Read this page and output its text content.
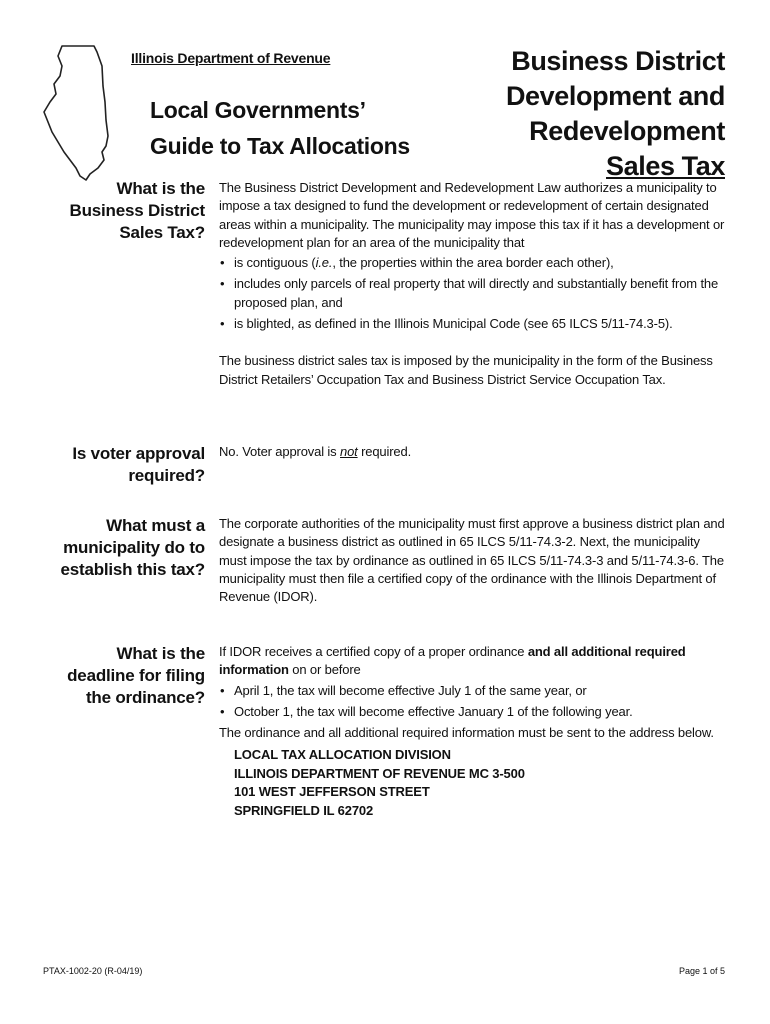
Illinois Department of Revenue
Local Governments’
Guide to Tax Allocations
Business District
Development and
Redevelopment
Sales Tax
What is the
Business District
Sales Tax?

The Business District Development and Redevelopment Law authorizes a municipality to impose a tax designed to fund the development or redevelopment of certain designated areas within a municipality. The municipality may impose this tax if it has a development or redevelopment plan for an area of the municipality that

• is contiguous (i.e., the properties within the area border each other),
• includes only parcels of real property that will directly and substantially benefit from the proposed plan, and
• is blighted, as defined in the Illinois Municipal Code (see 65 ILCS 5/11-74.3-5).

The business district sales tax is imposed by the municipality in the form of the Business District Retailers’ Occupation Tax and Business District Service Occupation Tax.

Is voter approval
required?

No. Voter approval is not required.

What must a
municipality do to
establish this tax?

The corporate authorities of the municipality must first approve a business district plan and designate a business district as outlined in 65 ILCS 5/11-74.3-2. Next, the municipality must impose the tax by ordinance as outlined in 65 ILCS 5/11-74.3-3 and 5/11-74.3-6. The municipality must then file a certified copy of the ordinance with the Illinois Department of Revenue (IDOR).

What is the
deadline for filing
the ordinance?

If IDOR receives a certified copy of a proper ordinance and all additional required information on or before

• April 1, the tax will become effective July 1 of the same year, or
• October 1, the tax will become effective January 1 of the following year.

The ordinance and all additional required information must be sent to the address below.

LOCAL TAX ALLOCATION DIVISION
ILLINOIS DEPARTMENT OF REVENUE MC 3-500
101 WEST JEFFERSON STREET
SPRINGFIELD IL 62702
PTAX-1002-20 (R-04/19)	Page 1 of 5
